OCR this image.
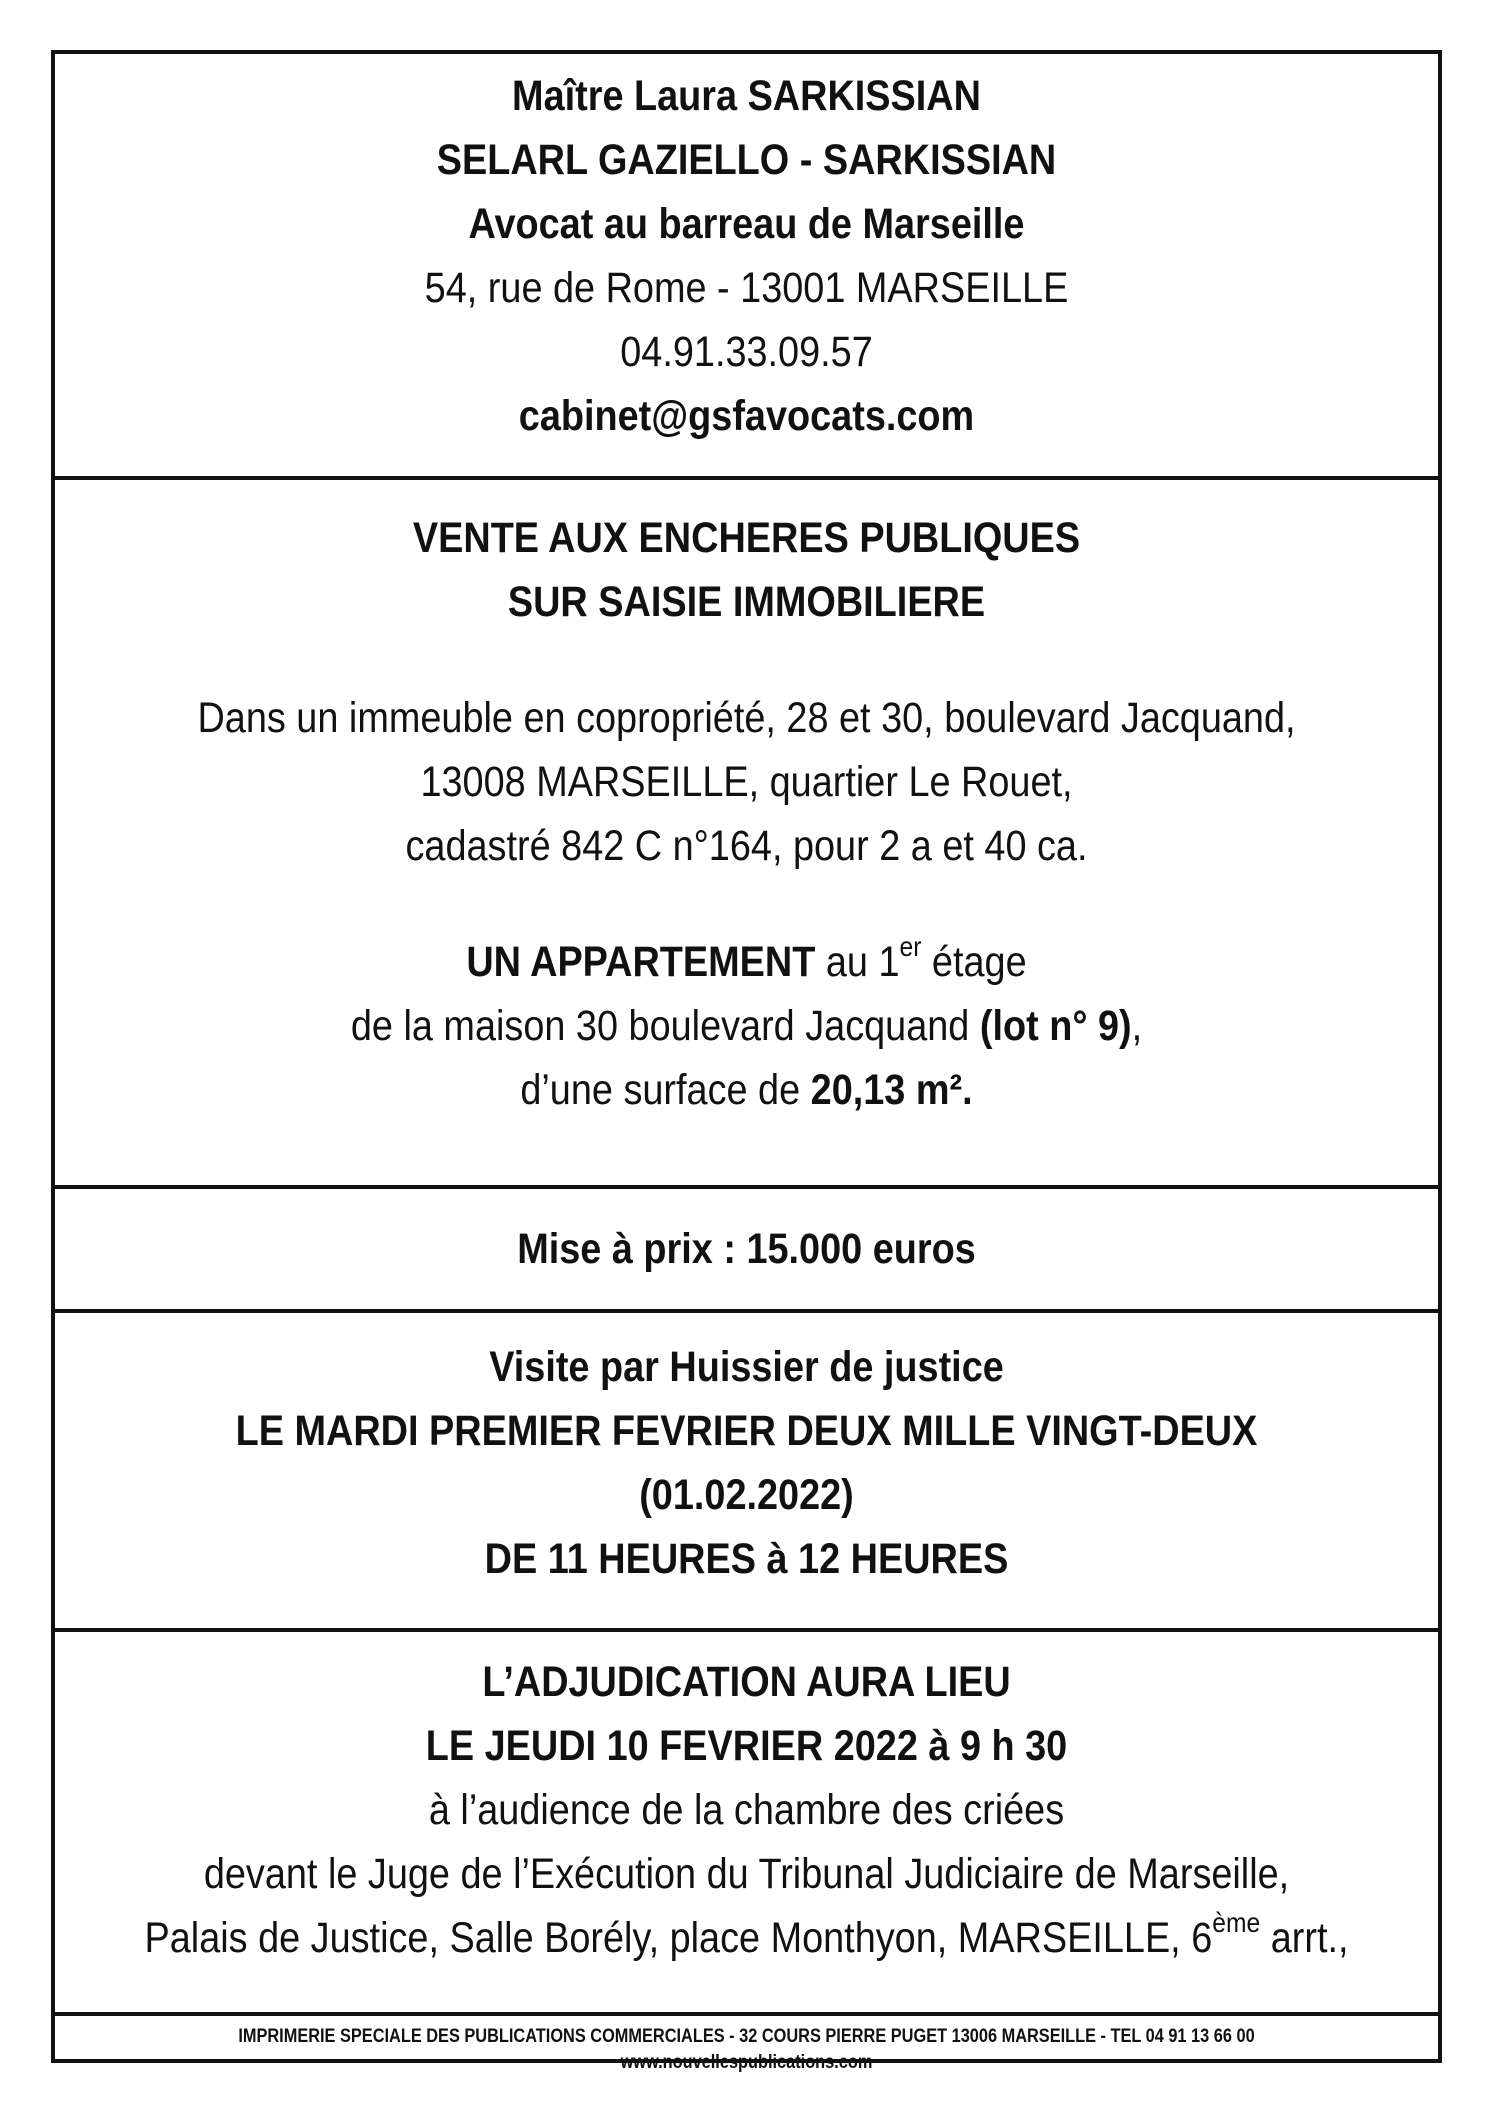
Maître Laura SARKISSIAN
SELARL GAZIELLO - SARKISSIAN
Avocat au barreau de Marseille
54, rue de Rome - 13001 MARSEILLE
04.91.33.09.57
cabinet@gsfavocats.com
VENTE AUX ENCHERES PUBLIQUES
SUR SAISIE IMMOBILIERE
Dans un immeuble en copropriété, 28 et 30, boulevard Jacquand,
13008 MARSEILLE, quartier Le Rouet,
cadastré 842 C n°164, pour 2 a et 40 ca.
UN APPARTEMENT au 1er étage
de la maison 30 boulevard Jacquand (lot n° 9),
d’une surface de 20,13 m².
Mise à prix : 15.000 euros
Visite par Huissier de justice
LE MARDI PREMIER FEVRIER DEUX MILLE VINGT-DEUX
(01.02.2022)
DE 11 HEURES à 12 HEURES
L’ADJUDICATION AURA LIEU
LE JEUDI 10 FEVRIER 2022 à 9 h 30
à l’audience de la chambre des criées
devant le Juge de l’Exécution du Tribunal Judiciaire de Marseille,
Palais de Justice, Salle Borély, place Monthyon, MARSEILLE, 6ème arrt.,
IMPRIMERIE SPECIALE DES PUBLICATIONS COMMERCIALES - 32 COURS PIERRE PUGET 13006 MARSEILLE - TEL 04 91 13 66 00
www.nouvellespublications.com
